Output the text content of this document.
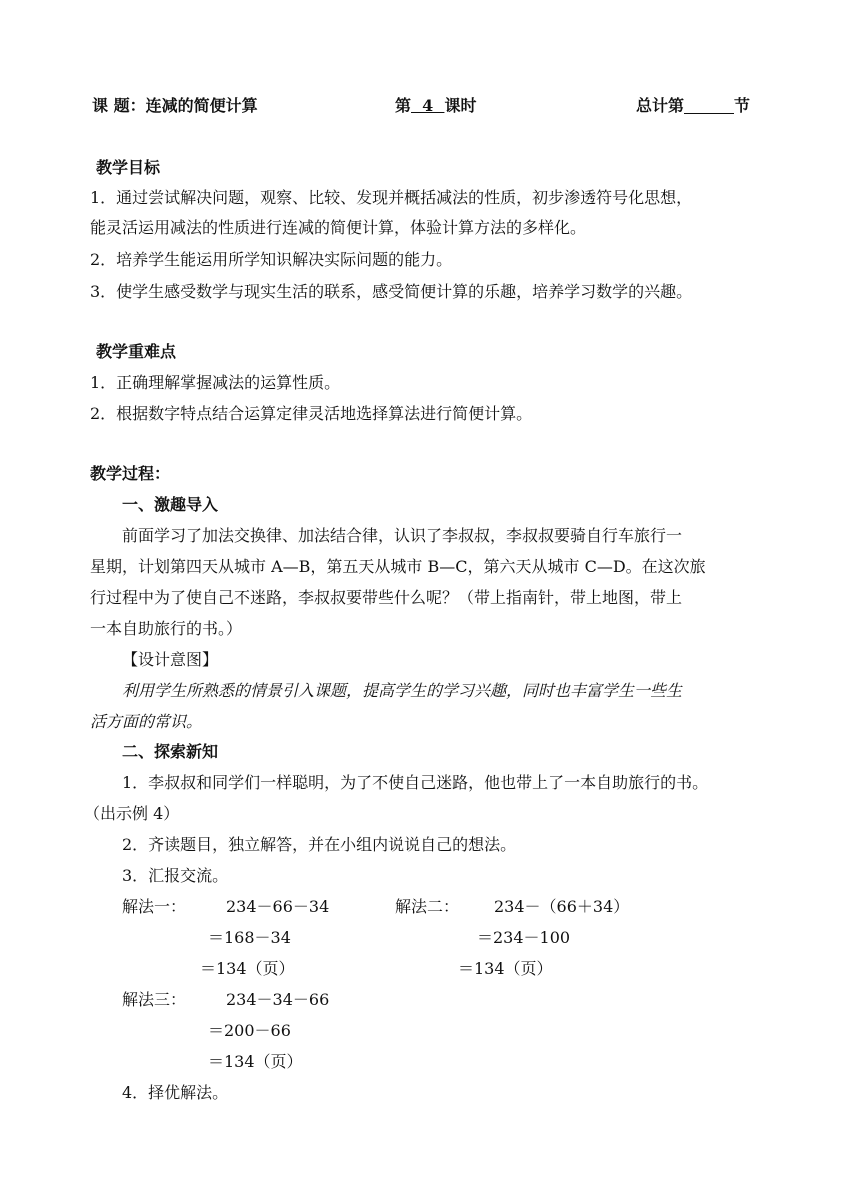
课 题：连减的简便计算	第  4  课时	总计第	节
教学目标
1．通过尝试解决问题，观察、比较、发现并概括减法的性质，初步渗透符号化思想，
能灵活运用减法的性质进行连减的简便计算，体验计算方法的多样化。
2．培养学生能运用所学知识解决实际问题的能力。
3．使学生感受数学与现实生活的联系，感受简便计算的乐趣，培养学习数学的兴趣。
教学重难点
1．正确理解掌握减法的运算性质。
2．根据数字特点结合运算定律灵活地选择算法进行简便计算。
教学过程：
一、激趣导入
前面学习了加法交换律、加法结合律，认识了李叔叔，李叔叔要骑自行车旅行一
星期，计划第四天从城市 A—B，第五天从城市 B—C，第六天从城市 C—D。在这次旅
行过程中为了使自己不迷路，李叔叔要带些什么呢？（带上指南针，带上地图，带上
一本自助旅行的书。）
【设计意图】
利用学生所熟悉的情景引入课题，提高学生的学习兴趣，同时也丰富学生一些生
活方面的常识。
二、探索新知
1．李叔叔和同学们一样聪明，为了不使自己迷路，他也带上了一本自助旅行的书。
（出示例 4）
2．齐读题目，独立解答，并在小组内说说自己的想法。
3．汇报交流。
解法一： 234－66－34
＝168－34
＝134（页）
解法二： 234－（66＋34）
＝234－100
＝134（页）
解法三： 234－34－66
＝200－66
＝134（页）
4．择优解法。
